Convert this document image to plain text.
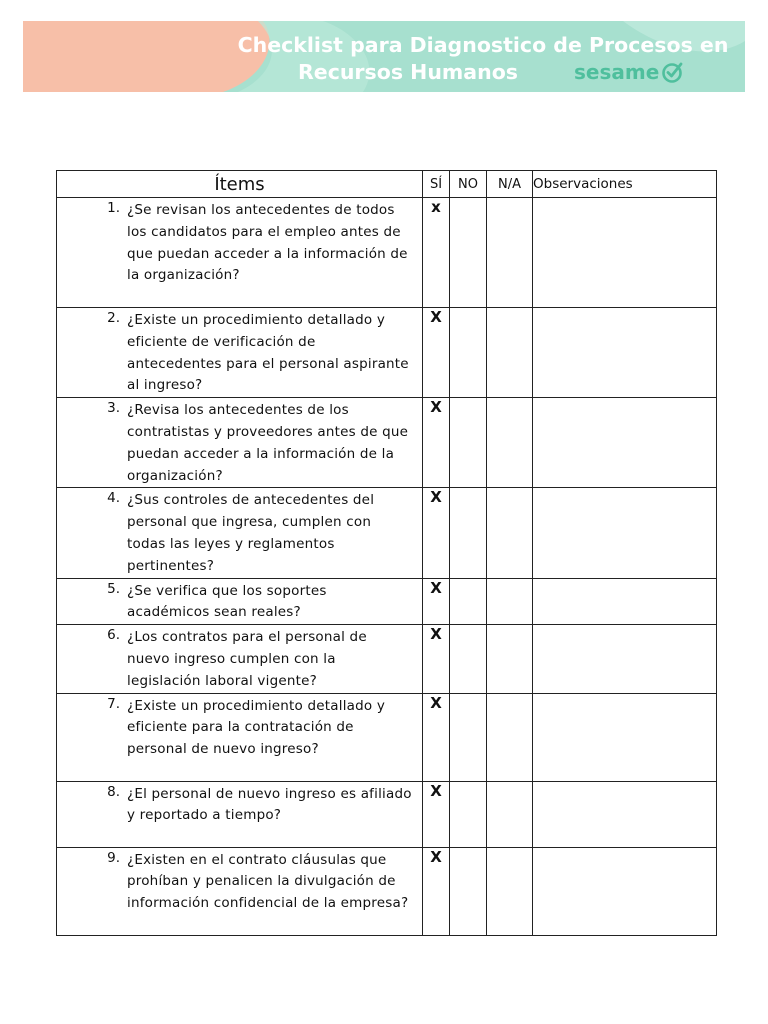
Checklist para Diagnostico de Procesos en
Recursos Humanos	sesame
Ítems	SÍ	NO	N/A	Observaciones

1. ¿Se revisan los antecedentes de todos los candidatos para el empleo antes de que puedan acceder a la información de la organización?	x			

2. ¿Existe un procedimiento detallado y eficiente de verificación de antecedentes para el personal aspirante al ingreso?	X			

3. ¿Revisa los antecedentes de los contratistas y proveedores antes de que puedan acceder a la información de la organización?	X			

4. ¿Sus controles de antecedentes del personal que ingresa, cumplen con todas las leyes y reglamentos pertinentes?	X			

5. ¿Se verifica que los soportes académicos sean reales?	X			

6. ¿Los contratos para el personal de nuevo ingreso cumplen con la legislación laboral vigente?	X			

7. ¿Existe un procedimiento detallado y eficiente para la contratación de personal de nuevo ingreso?	X			

8. ¿El personal de nuevo ingreso es afiliado y reportado a tiempo?	X			

9. ¿Existen en el contrato cláusulas que prohíban y penalicen la divulgación de información confidencial de la empresa?	X			
